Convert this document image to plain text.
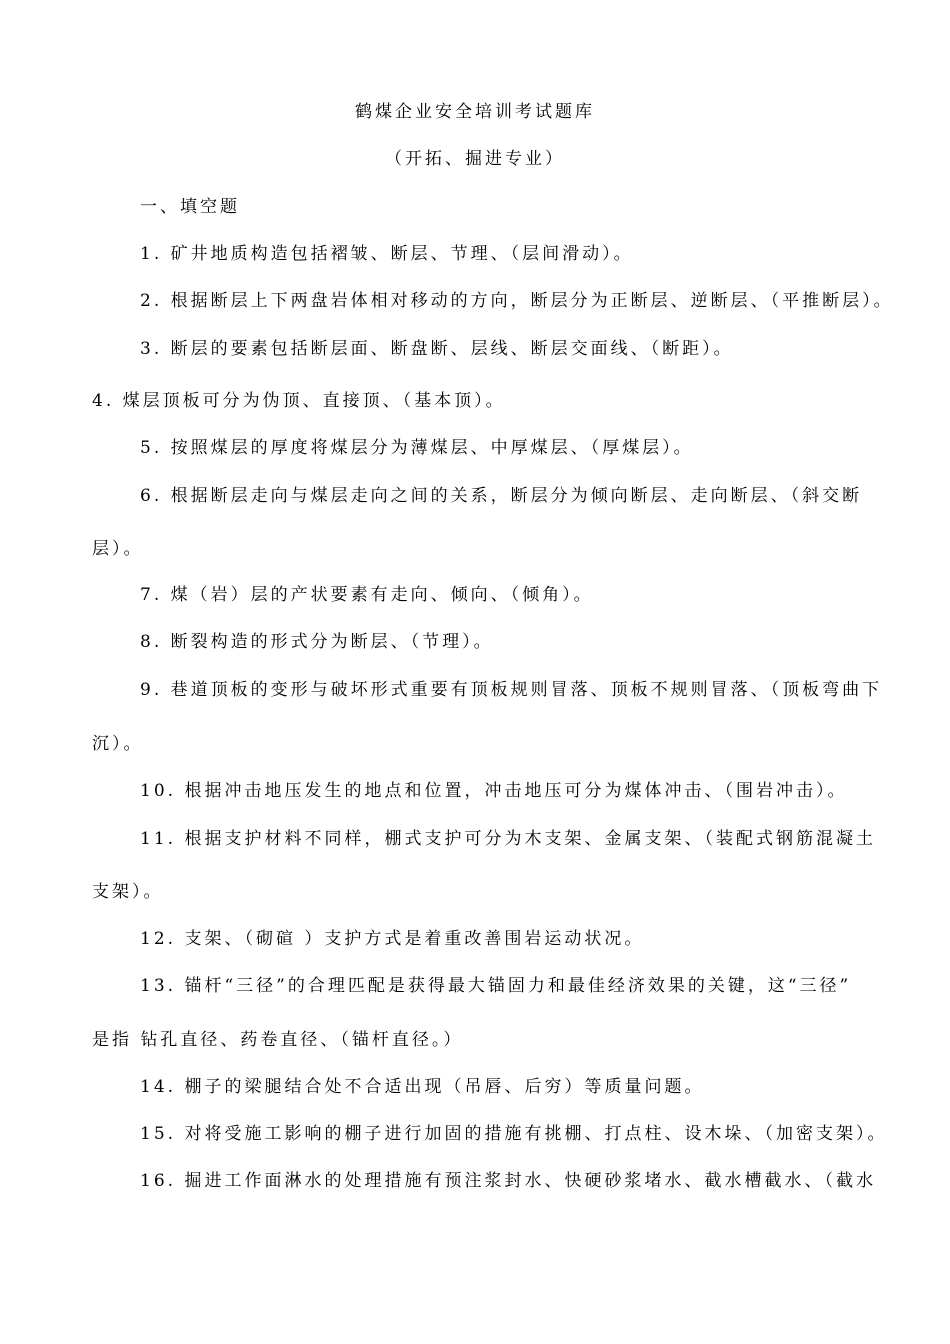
鹤煤企业安全培训考试题库
（开拓、掘进专业）
一、填空题
1. 矿井地质构造包括褶皱、断层、节理、（层间滑动）。
2. 根据断层上下两盘岩体相对移动的方向，断层分为正断层、逆断层、（平推断层）。
3. 断层的要素包括断层面、断盘断、层线、断层交面线、（断距）。
4. 煤层顶板可分为伪顶、直接顶、（基本顶）。
5. 按照煤层的厚度将煤层分为薄煤层、中厚煤层、（厚煤层）。
6. 根据断层走向与煤层走向之间的关系，断层分为倾向断层、走向断层、（斜交断
层）。
7. 煤（岩）层的产状要素有走向、倾向、（倾角）。
8. 断裂构造的形式分为断层、（节理）。
9. 巷道顶板的变形与破坏形式重要有顶板规则冒落、顶板不规则冒落、（顶板弯曲下
沉）。
10. 根据冲击地压发生的地点和位置，冲击地压可分为煤体冲击、（围岩冲击）。
11. 根据支护材料不同样，棚式支护可分为木支架、金属支架、（装配式钢筋混凝土
支架）。
12. 支架、（砌碹 ）支护方式是着重改善围岩运动状况。
13. 锚杆“三径”的合理匹配是获得最大锚固力和最佳经济效果的关键，这“三径”
是指 钻孔直径、药卷直径、（锚杆直径。）
14. 棚子的梁腿结合处不合适出现（吊唇、后穷）等质量问题。
15. 对将受施工影响的棚子进行加固的措施有挑棚、打点柱、设木垛、（加密支架）。
16. 掘进工作面淋水的处理措施有预注浆封水、快硬砂浆堵水、截水槽截水、（截水
